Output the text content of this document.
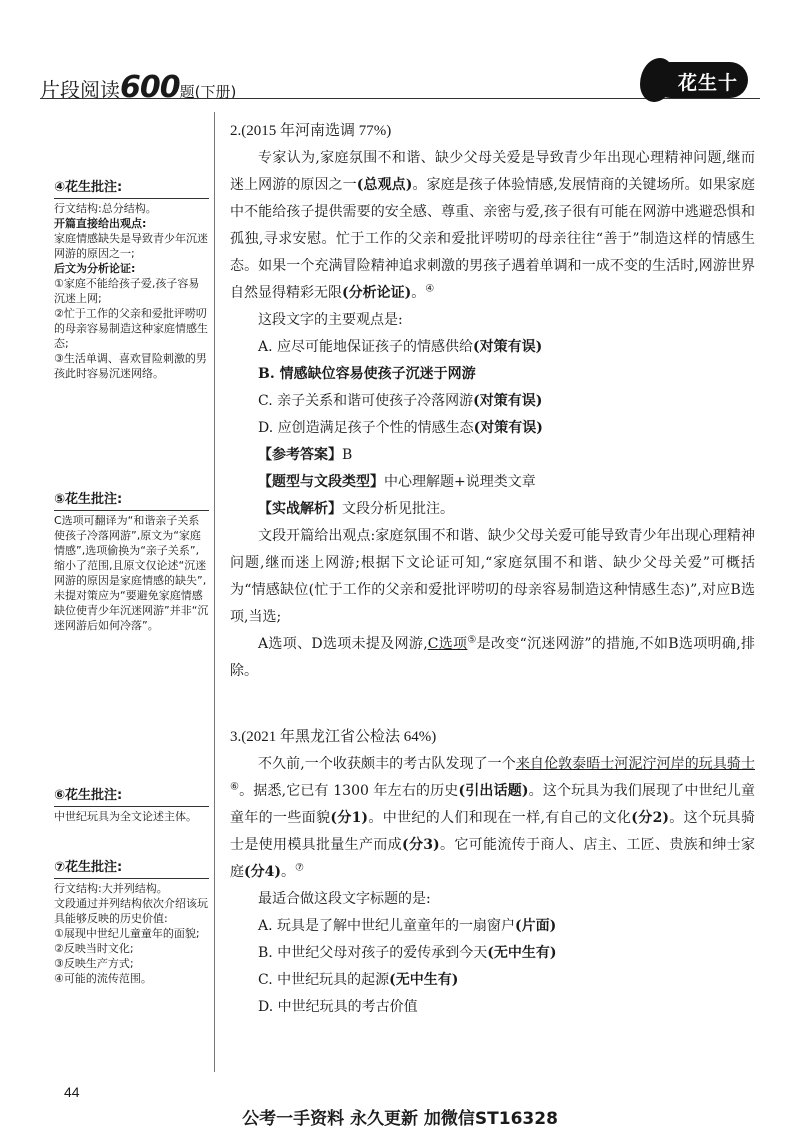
片段阅读600题(下册)	花生十三
④花生批注:

行文结构:总分结构。

开篇直接给出观点:

家庭情感缺失是导致青少年沉迷网游的原因之一;

后文为分析论证:

①家庭不能给孩子爱,孩子容易沉迷上网;

②忙于工作的父亲和爱批评唠叨的母亲容易制造这种家庭情感生态;

③生活单调、喜欢冒险刺激的男孩此时容易沉迷网络。

⑤花生批注:

C选项可翻译为“和谐亲子关系使孩子冷落网游”,原文为“家庭情感”,选项偷换为“亲子关系”,缩小了范围,且原文仅论述“沉迷网游的原因是家庭情感的缺失”,未提对策应为“要避免家庭情感缺位使青少年沉迷网游”并非“沉迷网游后如何冷落”。

⑥花生批注:

中世纪玩具为全文论述主体。

⑦花生批注:

行文结构:大并列结构。

文段通过并列结构依次介绍该玩具能够反映的历史价值:

①展现中世纪儿童童年的面貌;

②反映当时文化;

③反映生产方式;

④可能的流传范围。

2.(2015 年河南选调 77%)

专家认为,家庭氛围不和谐、缺少父母关爱是导致青少年出现心理精神问题,继而迷上网游的原因之一(总观点)。家庭是孩子体验情感,发展情商的关键场所。如果家庭中不能给孩子提供需要的安全感、尊重、亲密与爱,孩子很有可能在网游中逃避恐惧和孤独,寻求安慰。忙于工作的父亲和爱批评唠叨的母亲往往“善于”制造这样的情感生态。如果一个充满冒险精神追求刺激的男孩子遇着单调和一成不变的生活时,网游世界自然显得精彩无限(分析论证)。④

这段文字的主要观点是:

A. 应尽可能地保证孩子的情感供给(对策有误)

B. 情感缺位容易使孩子沉迷于网游

C. 亲子关系和谐可使孩子冷落网游(对策有误)

D. 应创造满足孩子个性的情感生态(对策有误)

【参考答案】B

【题型与文段类型】中心理解题+说理类文章

【实战解析】文段分析见批注。

文段开篇给出观点:家庭氛围不和谐、缺少父母关爱可能导致青少年出现心理精神问题,继而迷上网游;根据下文论证可知,“家庭氛围不和谐、缺少父母关爱”可概括为“情感缺位(忙于工作的父亲和爱批评唠叨的母亲容易制造这种情感生态)”,对应B选项,当选;

A选项、D选项未提及网游,C选项⑤是改变“沉迷网游”的措施,不如B选项明确,排除。

3.(2021 年黑龙江省公检法 64%)

不久前,一个收获颇丰的考古队发现了一个来自伦敦泰晤士河泥泞河岸的玩具骑士⑥。据悉,它已有 1300 年左右的历史(引出话题)。这个玩具为我们展现了中世纪儿童童年的一些面貌(分1)。中世纪的人们和现在一样,有自己的文化(分2)。这个玩具骑士是使用模具批量生产而成(分3)。它可能流传于商人、店主、工匠、贵族和绅士家庭(分4)。⑦

最适合做这段文字标题的是:

A. 玩具是了解中世纪儿童童年的一扇窗户(片面)

B. 中世纪父母对孩子的爱传承到今天(无中生有)

C. 中世纪玩具的起源(无中生有)

D. 中世纪玩具的考古价值

44
公考一手资料 永久更新 加微信ST16328
